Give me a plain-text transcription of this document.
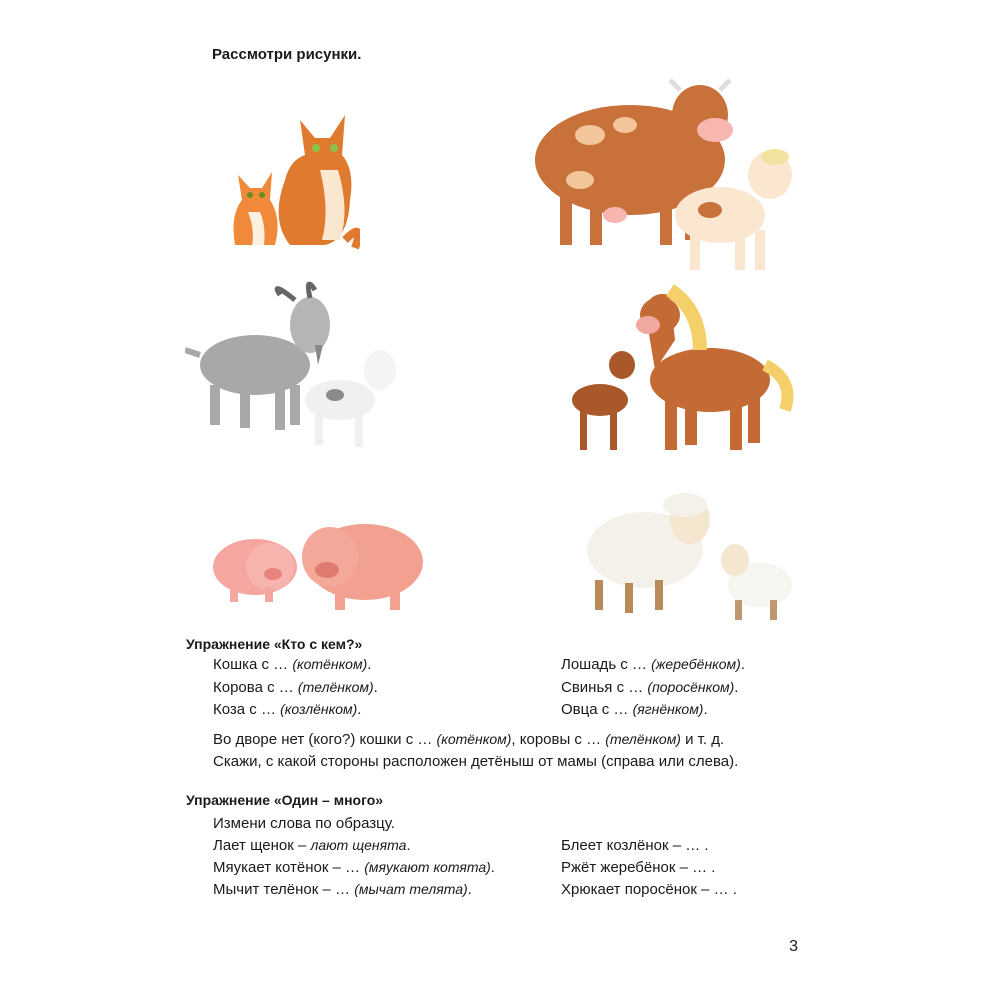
Рассмотри рисунки.
Упражнение «Кто с кем?»
Кошка с … (котёнком).
Корова с … (телёнком).
Коза с … (козлёнком).
Лошадь с … (жеребёнком).
Свинья с … (поросёнком).
Овца с … (ягнёнком).
Во дворе нет (кого?) кошки с … (котёнком), коровы с … (телёнком) и т. д.
Скажи, с какой стороны расположен детёныш от мамы (справа или слева).
Упражнение «Один – много»
Измени слова по образцу.
Лает щенок – лают щенята.
Мяукает котёнок – … (мяукают котята).
Мычит телёнок – … (мычат телята).
Блеет козлёнок – … .
Ржёт жеребёнок – … .
Хрюкает поросёнок – … .
3
